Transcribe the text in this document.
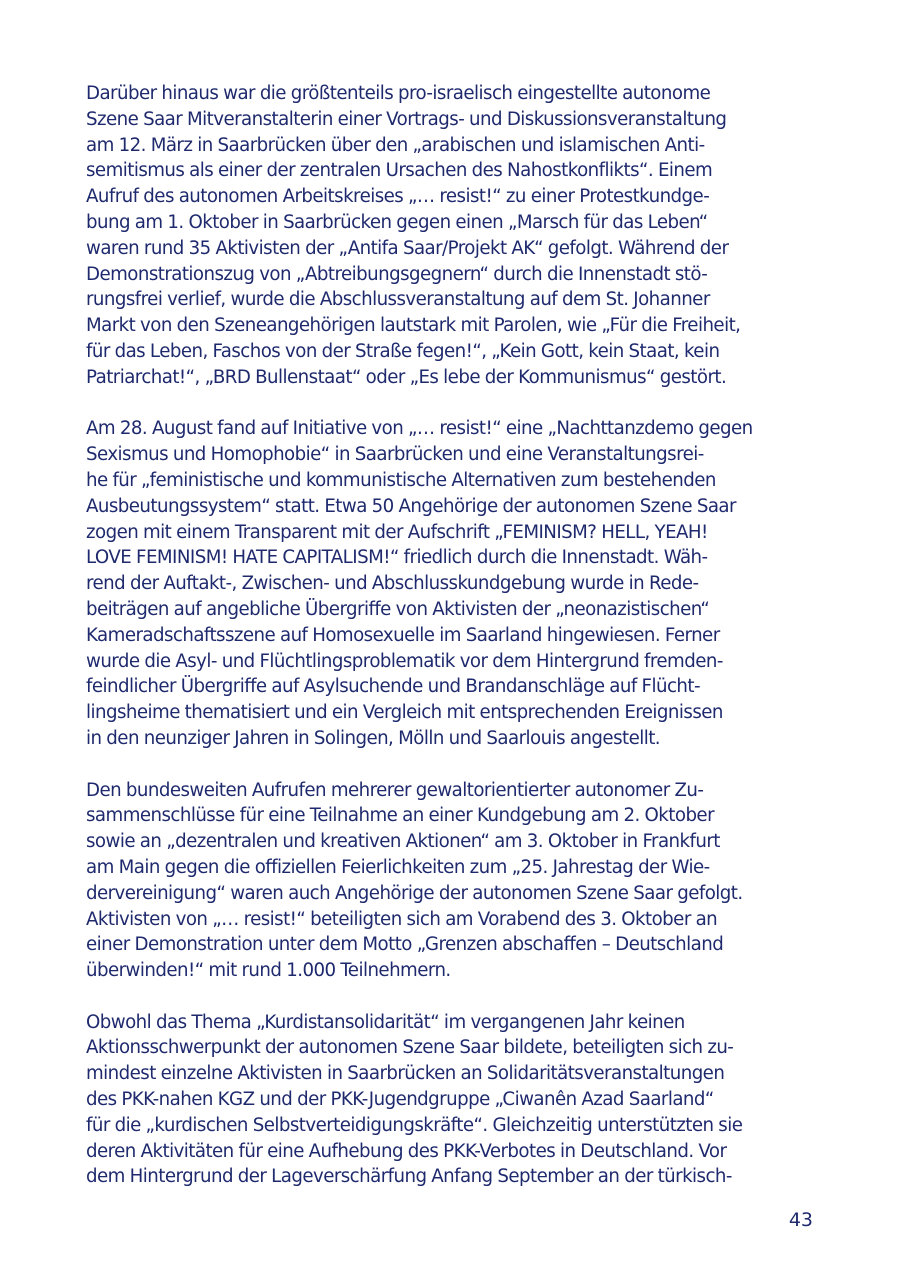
Darüber hinaus war die größtenteils pro-israelisch eingestellte autonome
Szene Saar Mitveranstalterin einer Vortrags- und Diskussionsveranstaltung
am 12. März in Saarbrücken über den „arabischen und islamischen Anti-
semitismus als einer der zentralen Ursachen des Nahostkonflikts“. Einem
Aufruf des autonomen Arbeitskreises „… resist!“ zu einer Protestkundge-
bung am 1. Oktober in Saarbrücken gegen einen „Marsch für das Leben“
waren rund 35 Aktivisten der „Antifa Saar/Projekt AK“ gefolgt. Während der
Demonstrationszug von „Abtreibungsgegnern“ durch die Innenstadt stö-
rungsfrei verlief, wurde die Abschlussveranstaltung auf dem St. Johanner
Markt von den Szeneangehörigen lautstark mit Parolen, wie „Für die Freiheit,
für das Leben, Faschos von der Straße fegen!“, „Kein Gott, kein Staat, kein
Patriarchat!“, „BRD Bullenstaat“ oder „Es lebe der Kommunismus“ gestört.

Am 28. August fand auf Initiative von „… resist!“ eine „Nachttanzdemo gegen
Sexismus und Homophobie“ in Saarbrücken und eine Veranstaltungsrei-
he für „feministische und kommunistische Alternativen zum bestehenden
Ausbeutungssystem“ statt. Etwa 50 Angehörige der autonomen Szene Saar
zogen mit einem Transparent mit der Aufschrift „FEMINISM? HELL, YEAH!
LOVE FEMINISM! HATE CAPITALISM!“ friedlich durch die Innenstadt. Wäh-
rend der Auftakt-, Zwischen- und Abschlusskundgebung wurde in Rede-
beiträgen auf angebliche Übergriffe von Aktivisten der „neonazistischen“
Kameradschaftsszene auf Homosexuelle im Saarland hingewiesen. Ferner
wurde die Asyl- und Flüchtlingsproblematik vor dem Hintergrund fremden-
feindlicher Übergriffe auf Asylsuchende und Brandanschläge auf Flücht-
lingsheime thematisiert und ein Vergleich mit entsprechenden Ereignissen
in den neunziger Jahren in Solingen, Mölln und Saarlouis angestellt.

Den bundesweiten Aufrufen mehrerer gewaltorientierter autonomer Zu-
sammenschlüsse für eine Teilnahme an einer Kundgebung am 2. Oktober
sowie an „dezentralen und kreativen Aktionen“ am 3. Oktober in Frankfurt
am Main gegen die offiziellen Feierlichkeiten zum „25. Jahrestag der Wie-
dervereinigung“ waren auch Angehörige der autonomen Szene Saar gefolgt.
Aktivisten von „… resist!“ beteiligten sich am Vorabend des 3. Oktober an
einer Demonstration unter dem Motto „Grenzen abschaffen – Deutschland
überwinden!“ mit rund 1.000 Teilnehmern.

Obwohl das Thema „Kurdistansolidarität“ im vergangenen Jahr keinen
Aktionsschwerpunkt der autonomen Szene Saar bildete, beteiligten sich zu-
mindest einzelne Aktivisten in Saarbrücken an Solidaritätsveranstaltungen
des PKK-nahen KGZ und der PKK-Jugendgruppe „Ciwanên Azad Saarland“
für die „kurdischen Selbstverteidigungskräfte“. Gleichzeitig unterstützten sie
deren Aktivitäten für eine Aufhebung des PKK-Verbotes in Deutschland. Vor
dem Hintergrund der Lageverschärfung Anfang September an der türkisch-

43
